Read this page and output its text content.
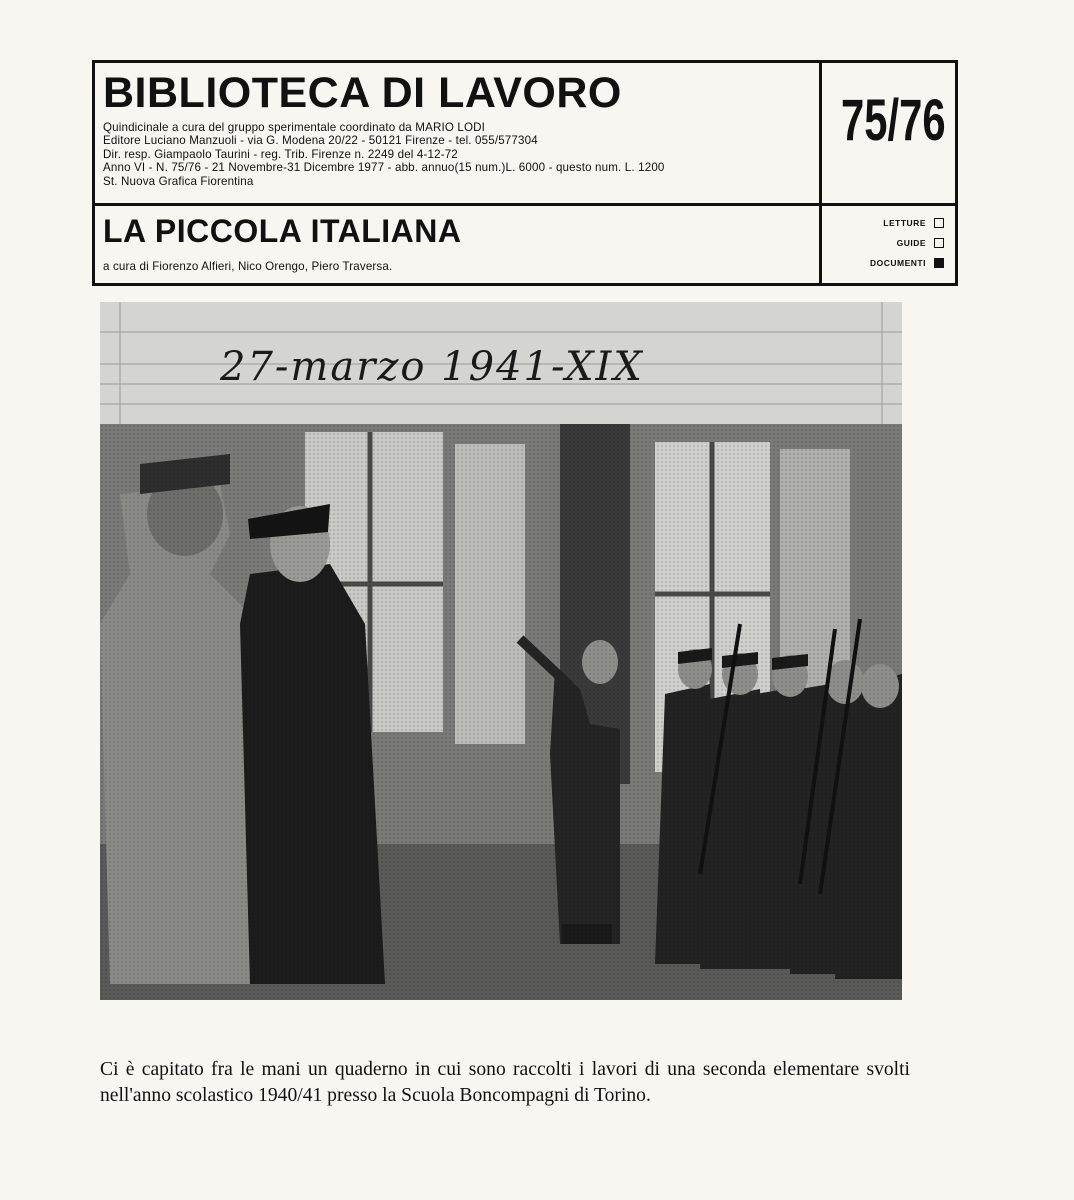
BIBLIOTECA DI LAVORO
Quindicinale a cura del gruppo sperimentale coordinato da MARIO LODI
Editore Luciano Manzuoli - via G. Modena 20/22 - 50121 Firenze - tel. 055/577304
Dir. resp. Giampaolo Taurini - reg. Trib. Firenze n. 2249 del 4-12-72
Anno VI - N. 75/76 - 21 Novembre-31 Dicembre 1977 - abb. annuo(15 num.)L. 6000 - questo num. L. 1200
St. Nuova Grafica Fiorentina
75/76
LA PICCOLA ITALIANA
a cura di Fiorenzo Alfieri, Nico Orengo, Piero Traversa.
LETTURE
GUIDE
DOCUMENTI
27-marzo 1941-XIX

Ci è capitato fra le mani un quaderno in cui sono raccolti i lavori di una seconda elementare svolti nell'anno scolastico 1940/41 presso la Scuola Boncompagni di Torino.
